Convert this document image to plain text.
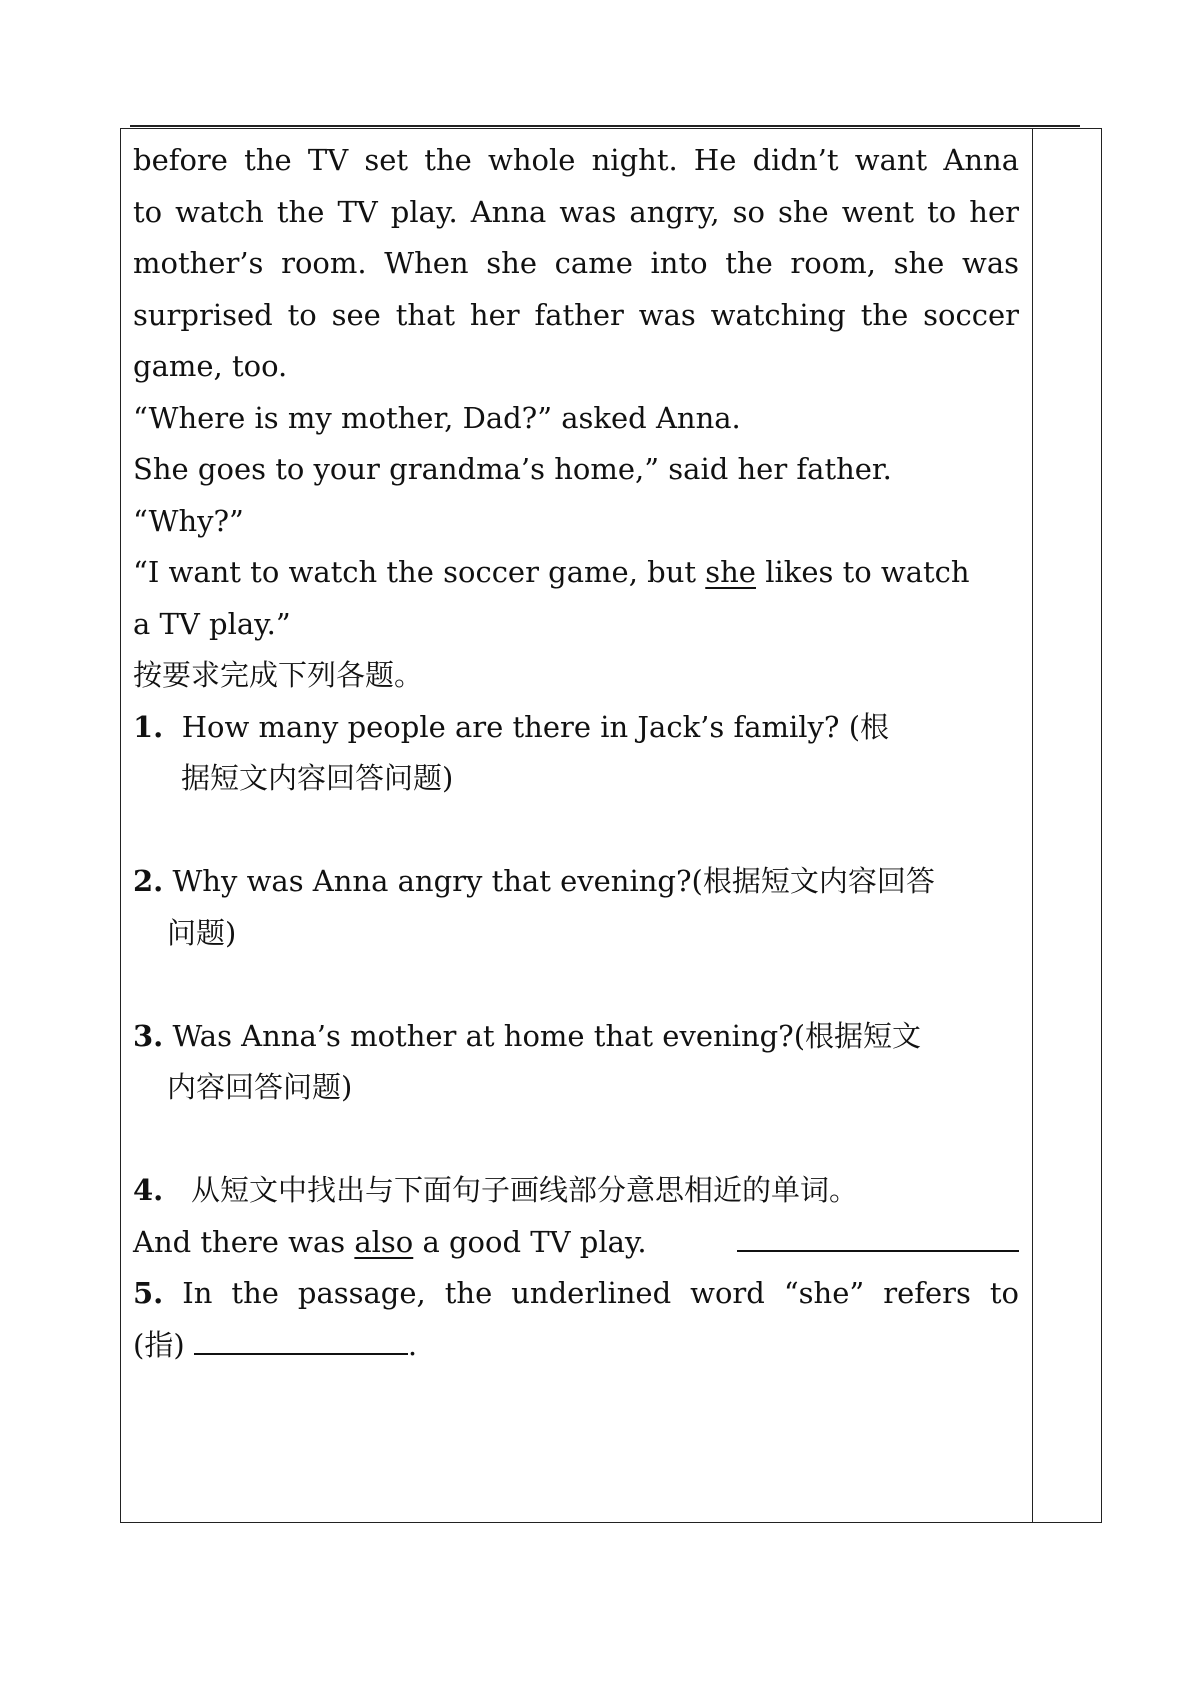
before the TV set the whole night. He didn’t want Anna
to watch the TV play. Anna was angry, so she went to her
mother’s room. When she came into the room, she was
surprised to see that her father was watching the soccer
game, too.
“Where is my mother, Dad?” asked Anna.
She goes to your grandma’s home,” said her father.
“Why?”
“I want to watch the soccer game, but she likes to watch
a TV play.”
按要求完成下列各题。
1. How many people are there in Jack’s family? (根
据短文内容回答问题)
2. Why was Anna angry that evening?(根据短文内容回答
问题)
3. Was Anna’s mother at home that evening?(根据短文
内容回答问题)
4. 从短文中找出与下面句子画线部分意思相近的单词。
And there was also a good TV play.
5. In the passage, the underlined word “she” refers to
(指)	.
